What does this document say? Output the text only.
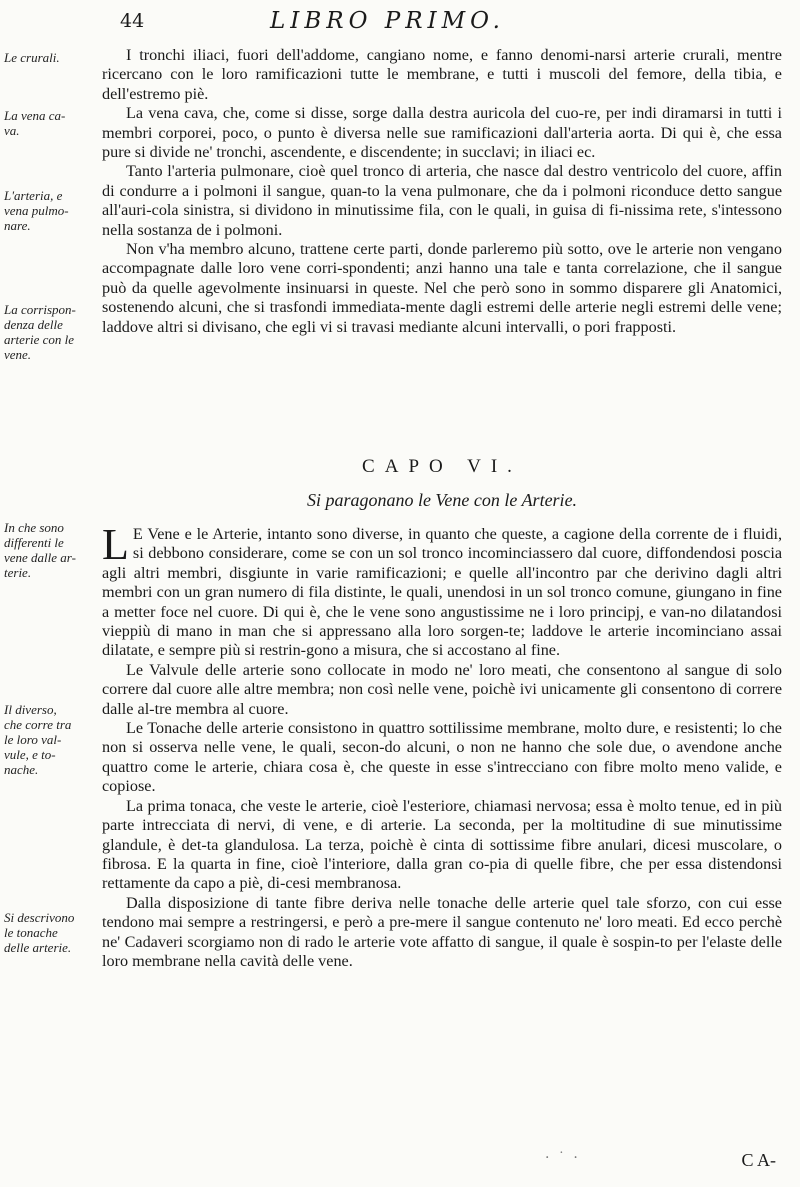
44	LIBRO PRIMO.
Le crurali.
La vena ca-
va.
L'arteria, e
vena pulmo-
nare.
La corrispon-
denza delle
arterie con le
vene.
In che sono
differenti le
vene dalle ar-
terie.
Il diverso,
che corre tra
le loro val-
vule, e to-
nache.
Si descrivono
le tonache
delle arterie.

I tronchi iliaci, fuori dell'addome, cangiano nome, e fanno denomi-narsi arterie crurali, mentre ricercano con le loro ramificazioni tutte le membrane, e tutti i muscoli del femore, della tibia, e dell'estremo piè.

La vena cava, che, come si disse, sorge dalla destra auricola del cuo-re, per indi diramarsi in tutti i membri corporei, poco, o punto è diversa nelle sue ramificazioni dall'arteria aorta. Di qui è, che essa pure si divide ne' tronchi, ascendente, e discendente; in succlavi; in iliaci ec.

Tanto l'arteria pulmonare, cioè quel tronco di arteria, che nasce dal destro ventricolo del cuore, affin di condurre a i polmoni il sangue, quan-to la vena pulmonare, che da i polmoni riconduce detto sangue all'auri-cola sinistra, si dividono in minutissime fila, con le quali, in guisa di fi-nissima rete, s'intessono nella sostanza de i polmoni.

Non v'ha membro alcuno, trattene certe parti, donde parleremo più sotto, ove le arterie non vengano accompagnate dalle loro vene corri-spondenti; anzi hanno una tale e tanta correlazione, che il sangue può da quelle agevolmente insinuarsi in queste. Nel che però sono in sommo disparere gli Anatomici, sostenendo alcuni, che si trasfondi immediata-mente dagli estremi delle arterie negli estremi delle vene; laddove altri si divisano, che egli vi si travasi mediante alcuni intervalli, o pori frapposti.

CAPO VI.
Si paragonano le Vene con le Arterie.

L E Vene e le Arterie, intanto sono diverse, in quanto che queste, a cagione della corrente de i fluidi, si debbono considerare, come se con un sol tronco incominciassero dal cuore, diffondendosi poscia agli altri membri, disgiunte in varie ramificazioni; e quelle all'incontro par che derivino dagli altri membri con un gran numero di fila distinte, le quali, unendosi in un sol tronco comune, giungano in fine a metter foce nel cuore. Di qui è, che le vene sono angustissime ne i loro principj, e van-no dilatandosi vieppiù di mano in man che si appressano alla loro sorgen-te; laddove le arterie incominciano assai dilatate, e sempre più si restrin-gono a misura, che si accostano al fine.

Le Valvule delle arterie sono collocate in modo ne' loro meati, che consentono al sangue di solo correre dal cuore alle altre membra; non così nelle vene, poichè ivi unicamente gli consentono di correre dalle al-tre membra al cuore.

Le Tonache delle arterie consistono in quattro sottilissime membrane, molto dure, e resistenti; lo che non si osserva nelle vene, le quali, secon-do alcuni, o non ne hanno che sole due, o avendone anche quattro come le arterie, chiara cosa è, che queste in esse s'intrecciano con fibre molto meno valide, e copiose.

La prima tonaca, che veste le arterie, cioè l'esteriore, chiamasi nervosa; essa è molto tenue, ed in più parte intrecciata di nervi, di vene, e di arterie. La seconda, per la moltitudine di sue minutissime glandule, è det-ta glandulosa. La terza, poichè è cinta di sottissime fibre anulari, dicesi muscolare, o fibrosa. E la quarta in fine, cioè l'interiore, dalla gran co-pia di quelle fibre, che per essa distendonsi rettamente da capo a piè, di-cesi membranosa.

Dalla disposizione di tante fibre deriva nelle tonache delle arterie quel tale sforzo, con cui esse tendono mai sempre a restringersi, e però a pre-mere il sangue contenuto ne' loro meati. Ed ecco perchè ne' Cadaveri scorgiamo non di rado le arterie vote affatto di sangue, il quale è sospin-to per l'elaste delle loro membrane nella cavità delle vene.

· ˙ ·	C A-
